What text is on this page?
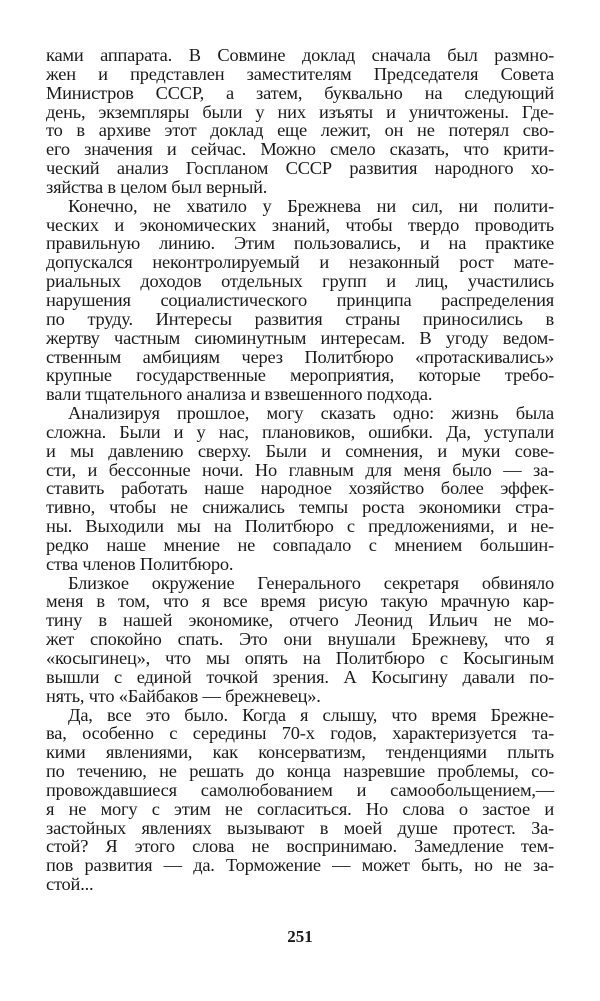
ками аппарата. В Совмине доклад сначала был размно-
жен и представлен заместителям Председателя Совета
Министров СССР, а затем, буквально на следующий
день, экземпляры были у них изъяты и уничтожены. Где-
то в архиве этот доклад еще лежит, он не потерял сво-
его значения и сейчас. Можно смело сказать, что крити-
ческий анализ Госпланом СССР развития народного хо-
зяйства в целом был верный.

Конечно, не хватило у Брежнева ни сил, ни полити-
ческих и экономических знаний, чтобы твердо проводить
правильную линию. Этим пользовались, и на практике
допускался неконтролируемый и незаконный рост мате-
риальных доходов отдельных групп и лиц, участились
нарушения социалистического принципа распределения
по труду. Интересы развития страны приносились в
жертву частным сиюминутным интересам. В угоду ведом-
ственным амбициям через Политбюро «протаскивались»
крупные государственные мероприятия, которые требо-
вали тщательного анализа и взвешенного подхода.

Анализируя прошлое, могу сказать одно: жизнь была
сложна. Были и у нас, плановиков, ошибки. Да, уступали
и мы давлению сверху. Были и сомнения, и муки сове-
сти, и бессонные ночи. Но главным для меня было — за-
ставить работать наше народное хозяйство более эффек-
тивно, чтобы не снижались темпы роста экономики стра-
ны. Выходили мы на Политбюро с предложениями, и не-
редко наше мнение не совпадало с мнением большин-
ства членов Политбюро.

Близкое окружение Генерального секретаря обвиняло
меня в том, что я все время рисую такую мрачную кар-
тину в нашей экономике, отчего Леонид Ильич не мо-
жет спокойно спать. Это они внушали Брежневу, что я
«косыгинец», что мы опять на Политбюро с Косыгиным
вышли с единой точкой зрения. А Косыгину давали по-
нять, что «Байбаков — брежневец».

Да, все это было. Когда я слышу, что время Брежне-
ва, особенно с середины 70-х годов, характеризуется та-
кими явлениями, как консерватизм, тенденциями плыть
по течению, не решать до конца назревшие проблемы, со-
провождавшиеся самолюбованием и самообольщением,—
я не могу с этим не согласиться. Но слова о застое и
застойных явлениях вызывают в моей душе протест. За-
стой? Я этого слова не воспринимаю. Замедление тем-
пов развития — да. Торможение — может быть, но не за-
стой...

251
